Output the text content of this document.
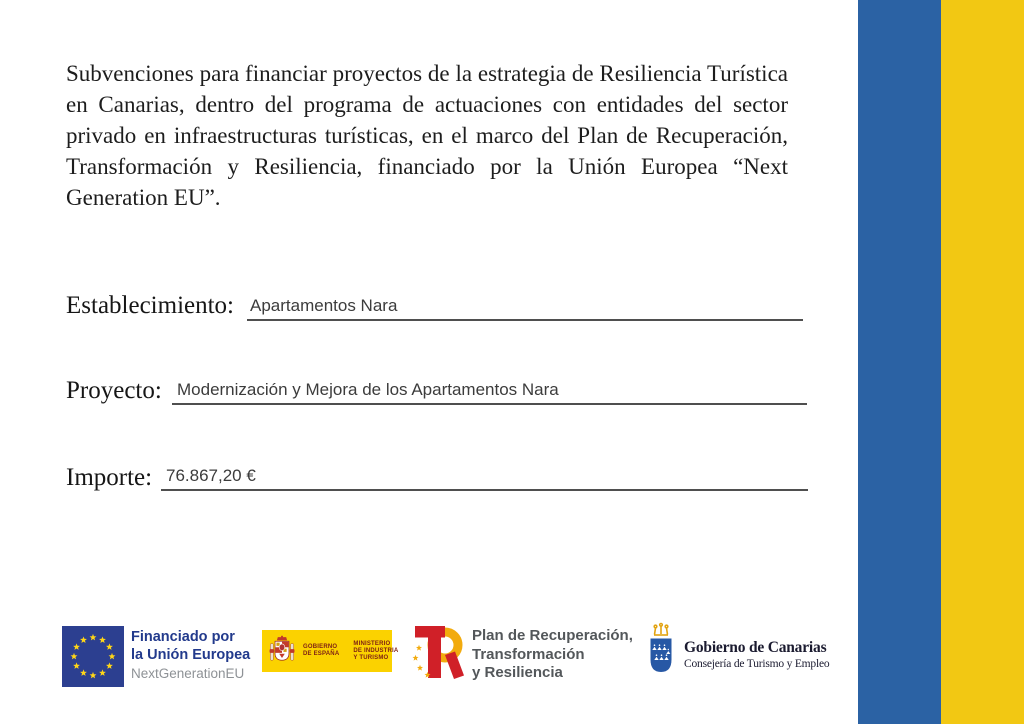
Subvenciones para financiar proyectos de la estrategia de Resiliencia Turística en Canarias, dentro del programa de actuaciones con entidades del sector privado en infraestructuras turísticas, en el marco del Plan de Recuperación, Transformación y Resiliencia, financiado por la Unión Europea “Next Generation EU”.
Establecimiento: Apartamentos Nara
Proyecto: Modernización y Mejora de los Apartamentos Nara
Importe: 76.867,20 €
Financiado por
la Unión Europea
NextGenerationEU
GOBIERNO
DE ESPAÑA
MINISTERIO
DE INDUSTRIA
Y TURISMO
Plan de Recuperación,
Transformación
y Resiliencia
Gobierno de Canarias
Consejería de Turismo y Empleo
